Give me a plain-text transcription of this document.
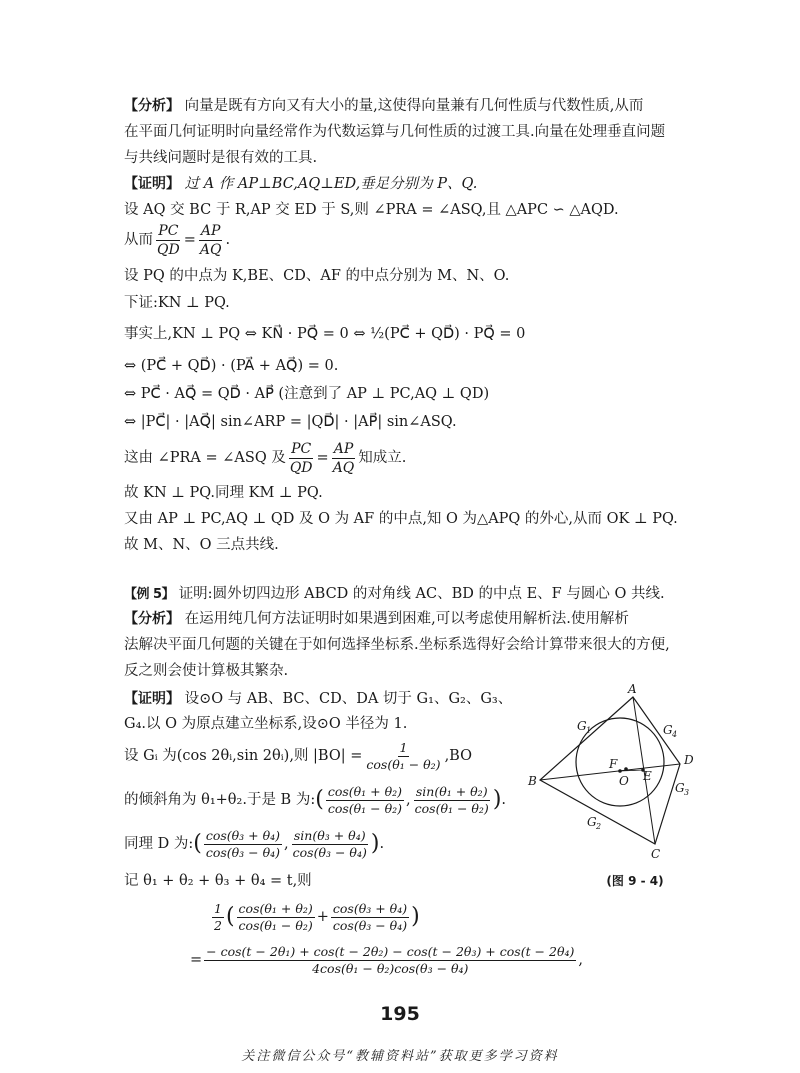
【分析】 向量是既有方向又有大小的量,这使得向量兼有几何性质与代数性质,从而
在平面几何证明时向量经常作为代数运算与几何性质的过渡工具.向量在处理垂直问题
与共线问题时是很有效的工具.
【证明】 过 A 作 AP⊥BC,AQ⊥ED,垂足分别为 P、Q.
设 AQ 交 BC 于 R,AP 交 ED 于 S,则 ∠PRA = ∠ASQ,且 △APC ∽ △AQD.
从而 $\frac{PC}{QD} = \frac{AP}{AQ}$ .
设 PQ 的中点为 K,BE、CD、AF 的中点分别为 M、N、O.
下证:KN ⊥ PQ.
事实上,KN ⊥ PQ ⇔ KN⃗ · PQ⃗ = 0 ⇔ ½(PC⃗ + QD⃗) · PQ⃗ = 0
⇔ (PC⃗ + QD⃗) · (PA⃗ + AQ⃗) = 0.
⇔ PC⃗ · AQ⃗ = QD⃗ · AP⃗ (注意到了 AP ⊥ PC,AQ ⊥ QD)
⇔ |PC⃗| · |AQ⃗| sin∠ARP = |QD⃗| · |AP⃗| sin∠ASQ.
这由 ∠PRA = ∠ASQ 及 $\frac{PC}{QD} = \frac{AP}{AQ}$ 知成立.
故 KN ⊥ PQ.同理 KM ⊥ PQ.
又由 AP ⊥ PC,AQ ⊥ QD 及 O 为 AF 的中点,知 O 为△APQ 的外心,从而 OK ⊥ PQ.
故 M、N、O 三点共线.
【例 5】 证明:圆外切四边形 ABCD 的对角线 AC、BD 的中点 E、F 与圆心 O 共线.
【分析】 在运用纯几何方法证明时如果遇到困难,可以考虑使用解析法.使用解析
法解决平面几何题的关键在于如何选择坐标系.坐标系选得好会给计算带来很大的方便,
反之则会使计算极其繁杂.
【证明】 设⊙O 与 AB、BC、CD、DA 切于 G₁、G₂、G₃、
G₄.以 O 为原点建立坐标系,设⊙O 半径为 1.
设 Gᵢ 为(cos 2θᵢ,sin 2θᵢ),则 $|BO| = \frac{1}{\text{cos(θ₁ − θ₂)}} ,BO$
的倾斜角为 θ₁+θ₂.于是 B 为: ( $\frac{\text{cos(θ₁ + θ₂)}}{\text{cos(θ₁ − θ₂)}}$ , $\frac{\text{sin(θ₁ + θ₂)}}{\text{cos(θ₁ − θ₂)}}$ ) .
同理 D 为: ( $\frac{\text{cos(θ₃ + θ₄)}}{\text{cos(θ₃ − θ₄)}}$ , $\frac{\text{sin(θ₃ + θ₄)}}{\text{cos(θ₃ − θ₄)}}$ ) .
记 θ₁ + θ₂ + θ₃ + θ₄ = t,则
$\frac{1}{2}$ ( $\frac{\text{cos(θ₁ + θ₂)}}{\text{cos(θ₁ − θ₂)}} + \frac{\text{cos(θ₃ + θ₄)}}{\text{cos(θ₃ − θ₄)}}$ )
= $\frac{\text{− cos(t − 2θ₁) + cos(t − 2θ₂) − cos(t − 2θ₃) + cos(t − 2θ₄)}}{\text{4cos(θ₁ − θ₂)cos(θ₃ − θ₄)}}$ ,
A
B
C
D
E
F
O
G 1
G 2
G 3
G 4
(图 9 - 4)
195
关注微信公众号“教辅资料站”获取更多学习资料
